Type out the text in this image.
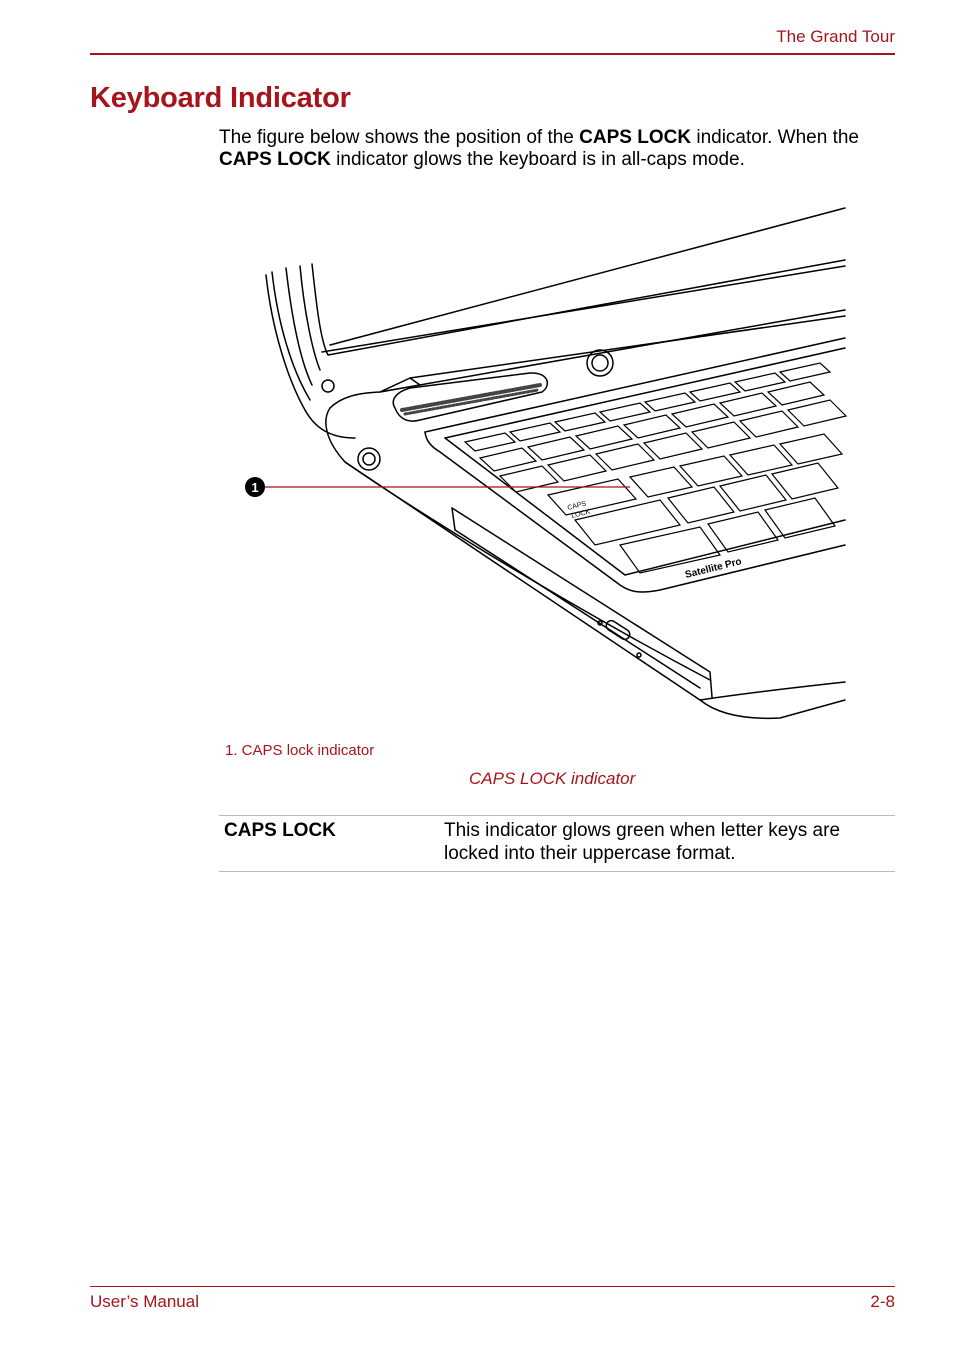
The Grand Tour
Keyboard Indicator

The figure below shows the position of the CAPS LOCK indicator. When the CAPS LOCK indicator glows the keyboard is in all-caps mode.

CAPS
LOCK
Satellite Pro
1
1. CAPS lock indicator
CAPS LOCK indicator
CAPS LOCK	This indicator glows green when letter keys are locked into their uppercase format.
User’s Manual	2-8
